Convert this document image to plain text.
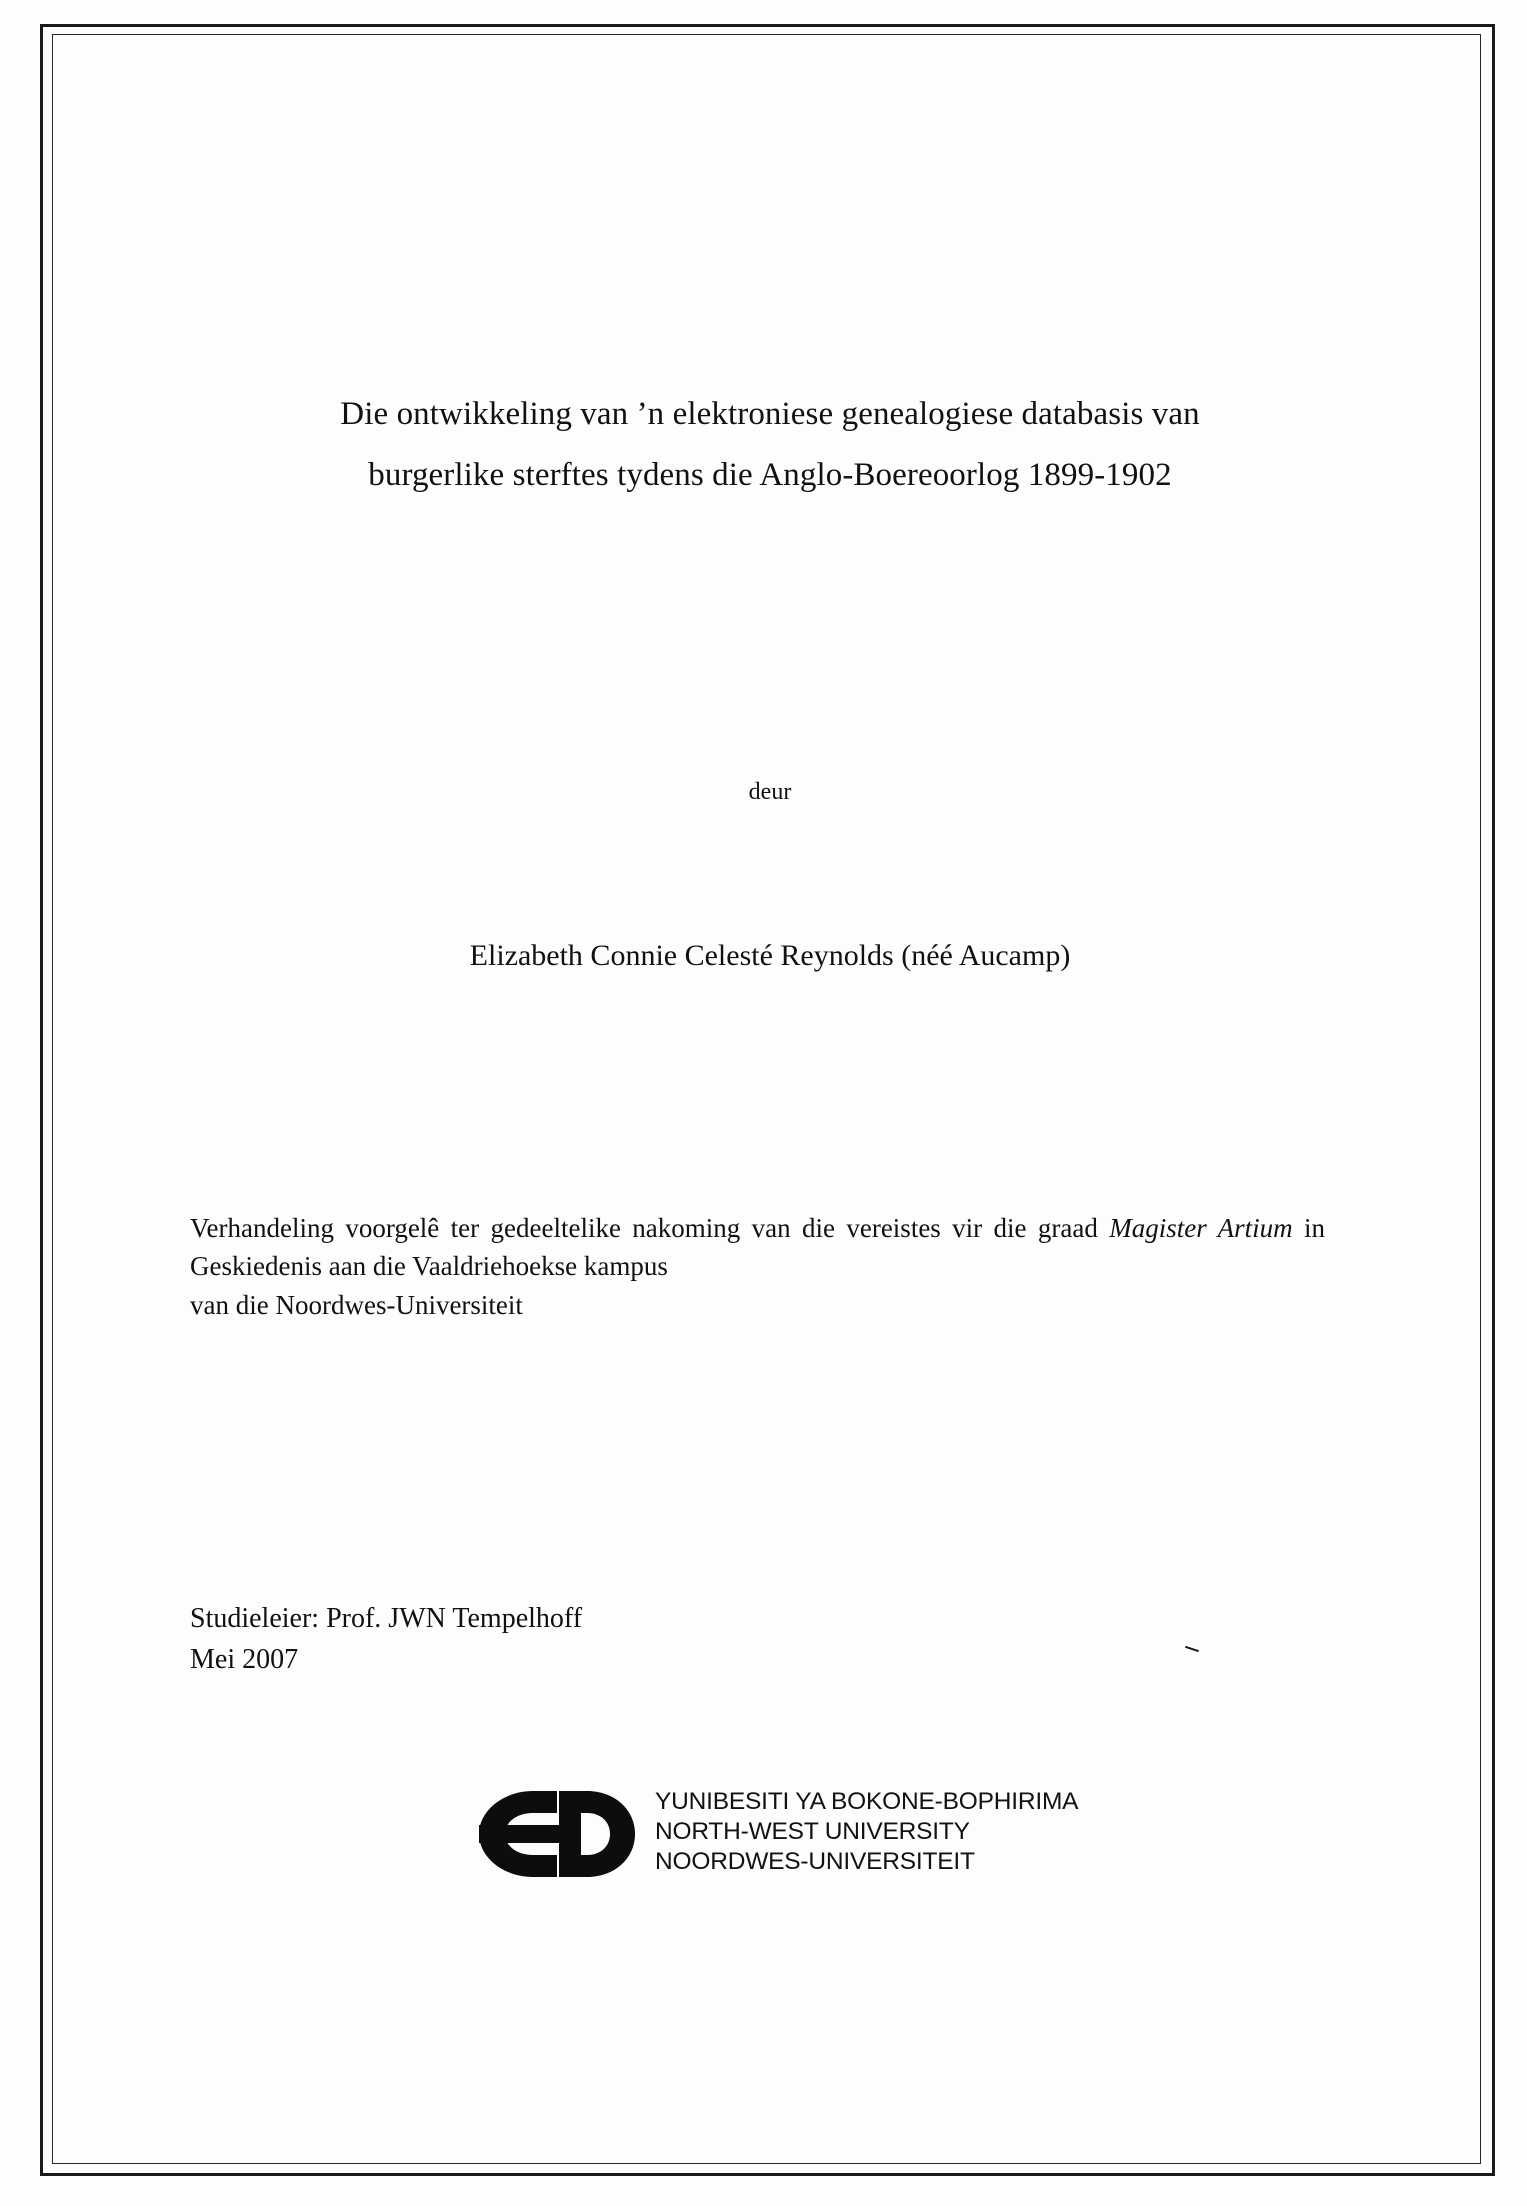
Die ontwikkeling van ’n elektroniese genealogiese databasis van
burgerlike sterftes tydens die Anglo-Boereoorlog 1899-1902
deur
Elizabeth Connie Celesté Reynolds (néé Aucamp)
Verhandeling voorgelê ter gedeeltelike nakoming van die vereistes vir die graad Magister Artium in Geskiedenis aan die Vaaldriehoekse kampus
van die Noordwes-Universiteit
Studieleier: Prof. JWN Tempelhoff
Mei 2007
YUNIBESITI YA BOKONE-BOPHIRIMA
NORTH-WEST UNIVERSITY
NOORDWES-UNIVERSITEIT
